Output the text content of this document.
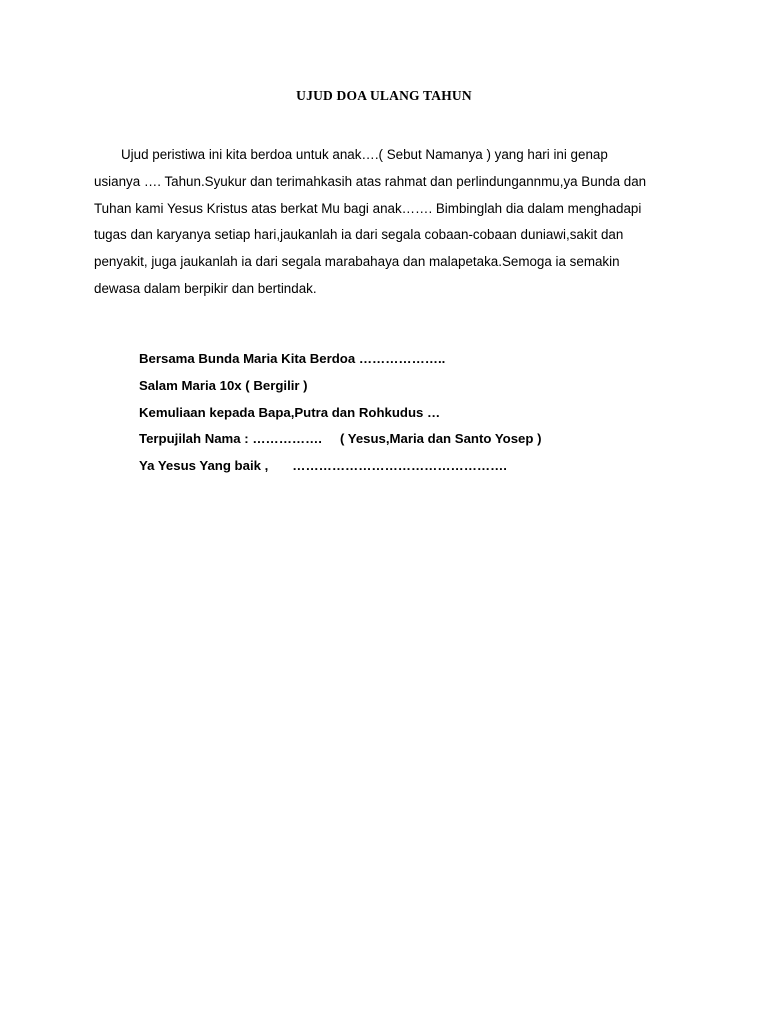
UJUD DOA ULANG TAHUN
Ujud peristiwa ini kita berdoa untuk anak….( Sebut Namanya ) yang hari ini genap
usianya …. Tahun.Syukur dan terimahkasih atas rahmat dan perlindungannmu,ya Bunda dan
Tuhan kami Yesus Kristus atas berkat Mu bagi anak……. Bimbinglah dia dalam menghadapi
tugas dan karyanya setiap hari,jaukanlah ia dari segala cobaan-cobaan duniawi,sakit dan
penyakit, juga jaukanlah ia dari segala marabahaya dan malapetaka.Semoga ia semakin
dewasa dalam berpikir dan bertindak.
Bersama Bunda Maria Kita Berdoa ………………..
Salam Maria 10x ( Bergilir )
Kemuliaan kepada Bapa,Putra dan Rohkudus …
Terpujilah Nama : ……………. ( Yesus,Maria dan Santo Yosep )
Ya Yesus Yang baik , ………………………………………….
